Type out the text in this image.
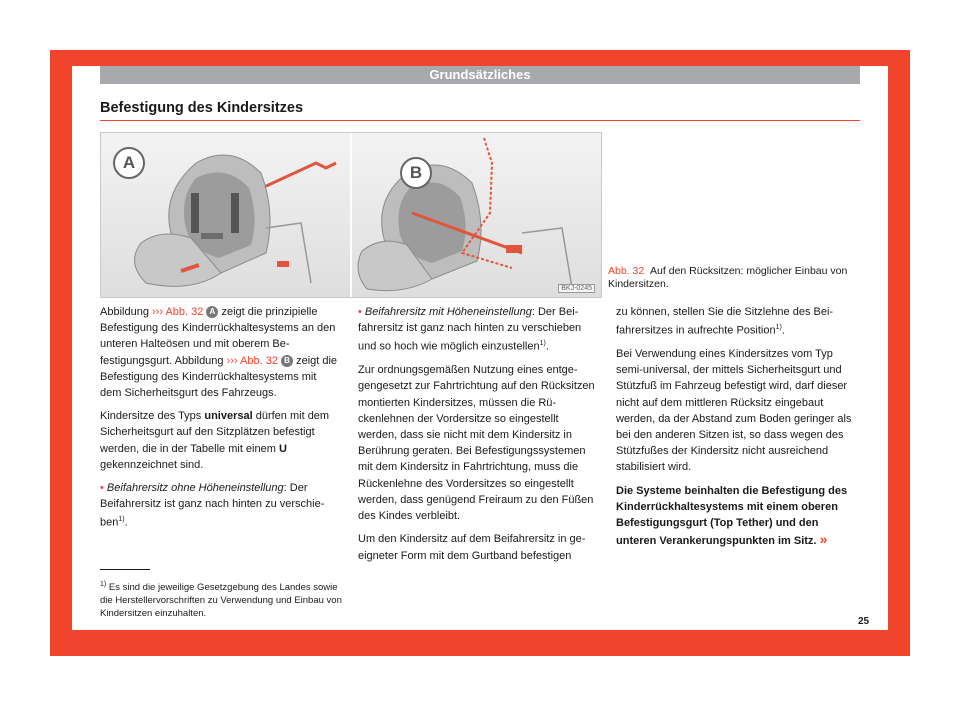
Grundsätzliches
Befestigung des Kindersitzes
A
B
BKJ-0245
Abb. 32 Auf den Rücksitzen: möglicher Einbau von Kindersitzen.

Abbildung ››› Abb. 32 A zeigt die prinzipielle Befestigung des Kinderrückhaltesystems an den unteren Halteösen und mit oberem Befestigungsgurt. Abbildung ››› Abb. 32 B zeigt die Befestigung des Kinderrückhaltesystems mit dem Sicherheitsgurt des Fahrzeugs.

Kindersitze des Typs universal dürfen mit dem Sicherheitsgurt auf den Sitzplätzen befestigt werden, die in der Tabelle mit einem U gekennzeichnet sind.

• Beifahrersitz ohne Höheneinstellung: Der Beifahrersitz ist ganz nach hinten zu verschieben$^{1)}$.

• Beifahrersitz mit Höheneinstellung: Der Beifahrersitz ist ganz nach hinten zu verschieben und so hoch wie möglich einzustellen$^{1)}$.

Zur ordnungsgemäßen Nutzung eines entgegengesetzt zur Fahrtrichtung auf den Rücksitzen montierten Kindersitzes, müssen die Rückenlehnen der Vordersitze so eingestellt werden, dass sie nicht mit dem Kindersitz in Berührung geraten. Bei Befestigungssystemen mit dem Kindersitz in Fahrtrichtung, muss die Rückenlehne des Vordersitzes so eingestellt werden, dass genügend Freiraum zu den Füßen des Kindes verbleibt.

Um den Kindersitz auf dem Beifahrersitz in geeigneter Form mit dem Gurtband befestigen

zu können, stellen Sie die Sitzlehne des Beifahrersitzes in aufrechte Position$^{1)}$.

Bei Verwendung eines Kindersitzes vom Typ semi-universal, der mittels Sicherheitsgurt und Stützfuß im Fahrzeug befestigt wird, darf dieser nicht auf dem mittleren Rücksitz eingebaut werden, da der Abstand zum Boden geringer als bei den anderen Sitzen ist, so dass wegen des Stützfußes der Kindersitz nicht ausreichend stabilisiert wird.

Die Systeme beinhalten die Befestigung des Kinderrückhaltesystems mit einem oberen Befestigungsgurt (Top Tether) und den unteren Verankerungspunkten im Sitz. »

$^{1)}$ Es sind die jeweilige Gesetzgebung des Landes sowie die Herstellervorschriften zu Verwendung und Einbau von Kindersitzen einzuhalten.
25
